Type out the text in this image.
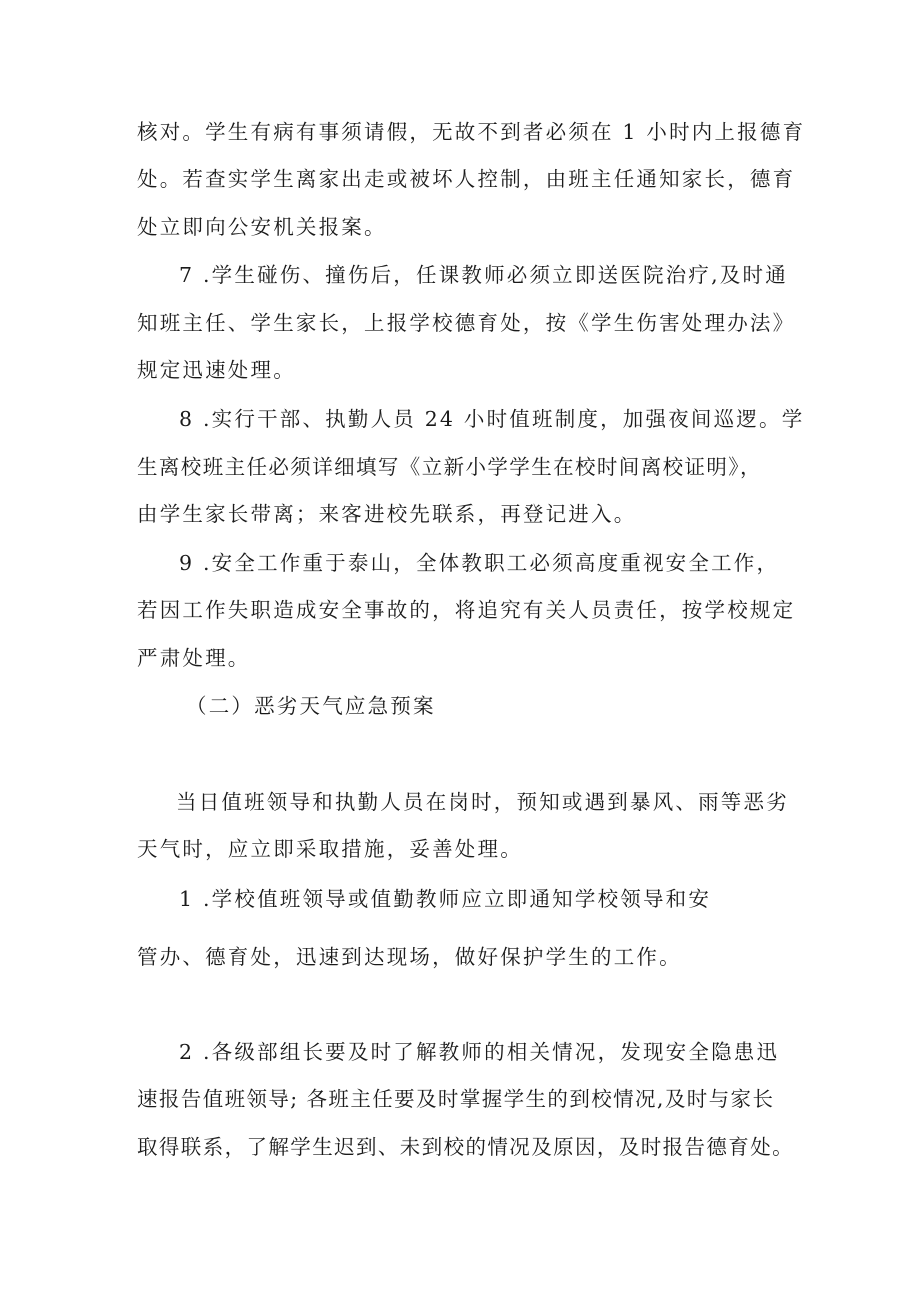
核对。学生有病有事须请假，无故不到者必须在 1 小时内上报德育
处。若查实学生离家出走或被坏人控制，由班主任通知家长，德育
处立即向公安机关报案。
7 .学生碰伤、撞伤后，任课教师必须立即送医院治疗,及时通
知班主任、学生家长，上报学校德育处，按《学生伤害处理办法》
规定迅速处理。
8 .实行干部、执勤人员 24 小时值班制度，加强夜间巡逻。学
生离校班主任必须详细填写《立新小学学生在校时间离校证明》，
由学生家长带离；来客进校先联系，再登记进入。
9 .安全工作重于泰山，全体教职工必须高度重视安全工作，
若因工作失职造成安全事故的，将追究有关人员责任，按学校规定
严肃处理。
（二）恶劣天气应急预案
当日值班领导和执勤人员在岗时，预知或遇到暴风、雨等恶劣
天气时，应立即采取措施，妥善处理。
1 .学校值班领导或值勤教师应立即通知学校领导和安
管办、德育处，迅速到达现场，做好保护学生的工作。
2 .各级部组长要及时了解教师的相关情况，发现安全隐患迅
速报告值班领导; 各班主任要及时掌握学生的到校情况,及时与家长
取得联系，了解学生迟到、未到校的情况及原因，及时报告德育处。
